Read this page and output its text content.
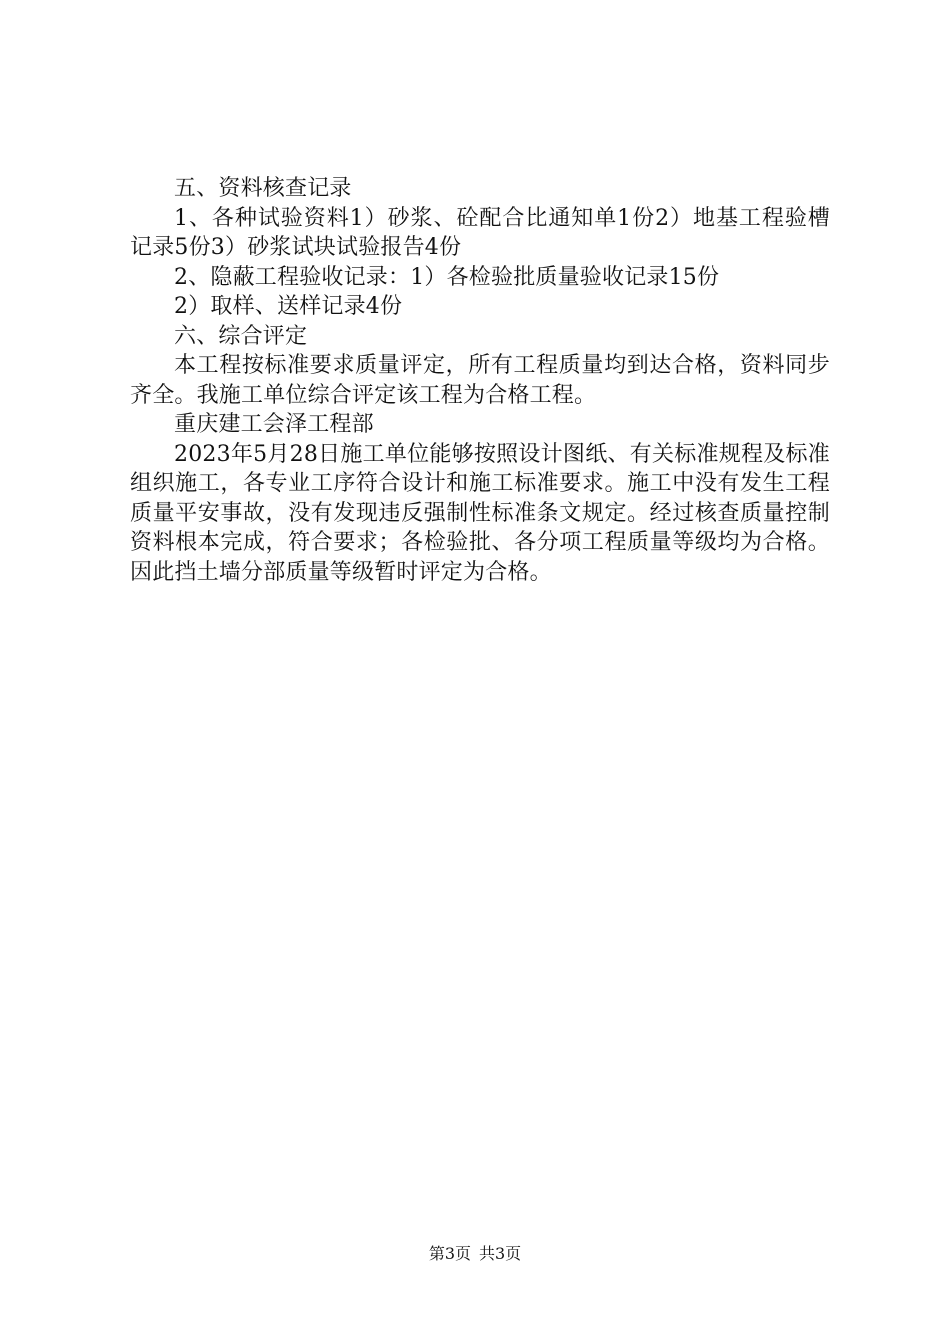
五、资料核查记录

1、各种试验资料1）砂浆、砼配合比通知单1份2）地基工程验槽记录5份3）砂浆试块试验报告4份

2、隐蔽工程验收记录：1）各检验批质量验收记录15份

2）取样、送样记录4份

六、综合评定

本工程按标准要求质量评定，所有工程质量均到达合格，资料同步齐全。我施工单位综合评定该工程为合格工程。

重庆建工会泽工程部

2023年5月28日施工单位能够按照设计图纸、有关标准规程及标准组织施工，各专业工序符合设计和施工标准要求。施工中没有发生工程质量平安事故，没有发现违反强制性标准条文规定。经过核查质量控制资料根本完成，符合要求；各检验批、各分项工程质量等级均为合格。因此挡土墙分部质量等级暂时评定为合格。

第3页 共3页
